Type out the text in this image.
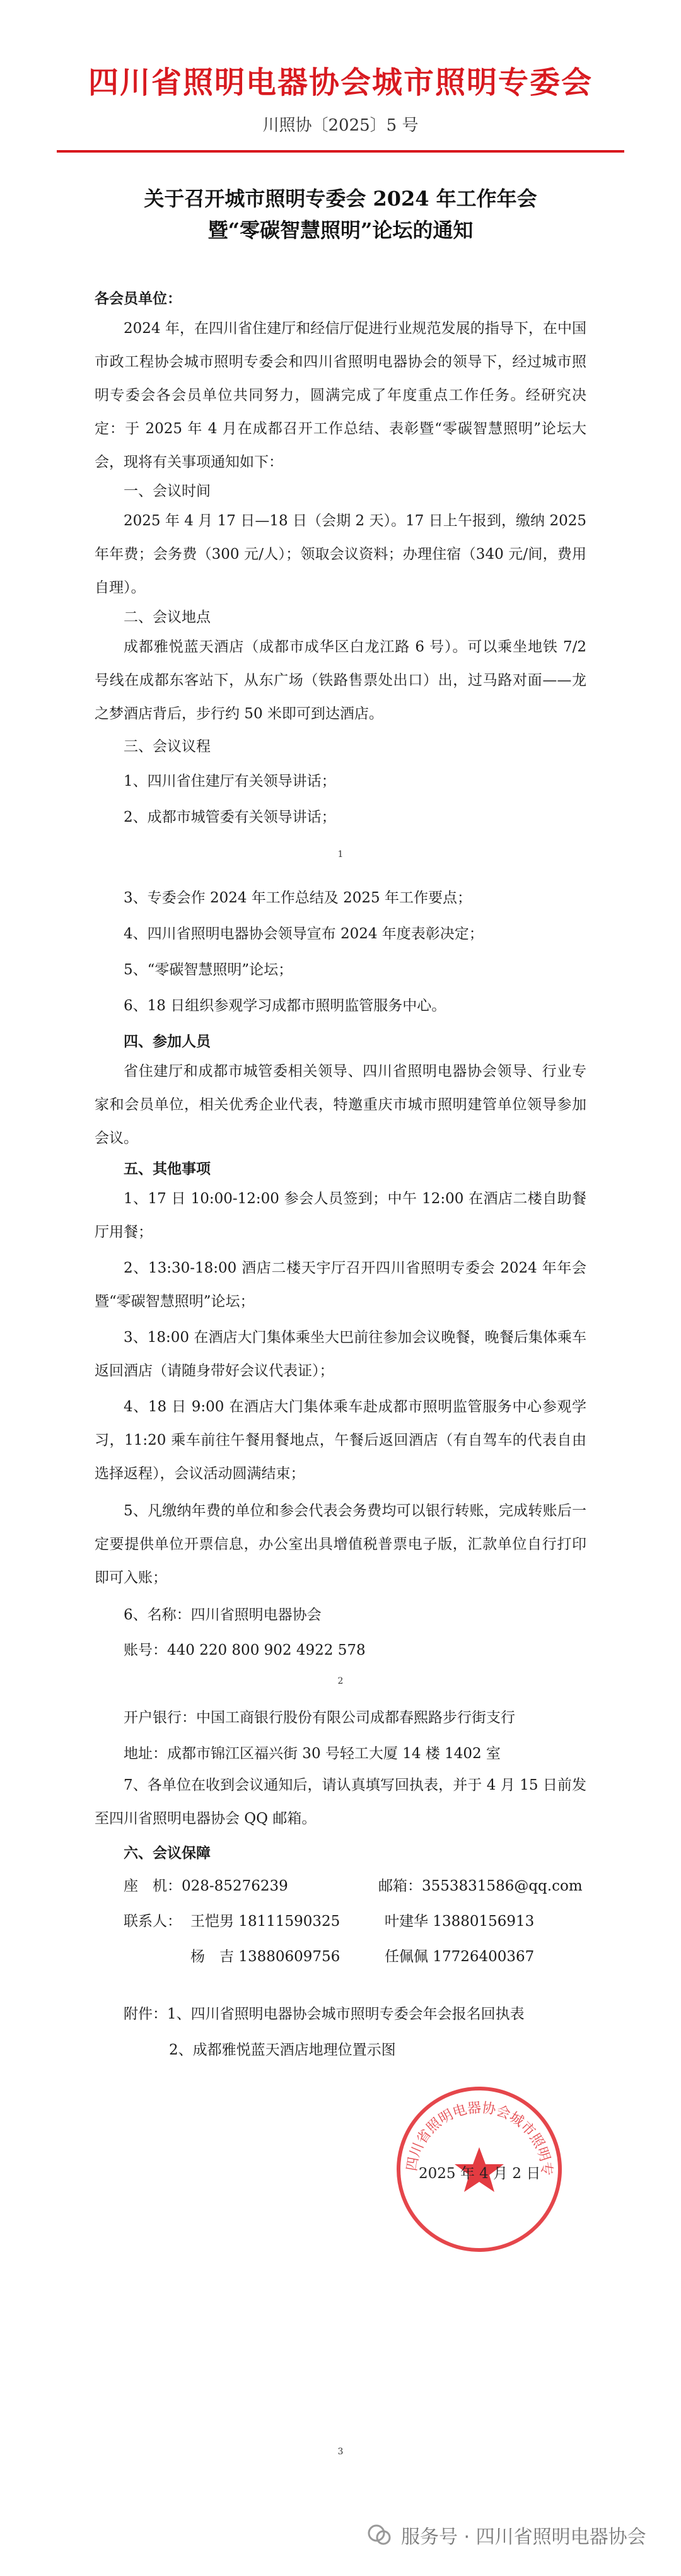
四川省照明电器协会城市照明专委会
川照协〔2025〕5 号
关于召开城市照明专委会 2024 年工作年会
暨“零碳智慧照明”论坛的通知
各会员单位：
2024 年，在四川省住建厅和经信厅促进行业规范发展的指导下，在中国市政工程协会城市照明专委会和四川省照明电器协会的领导下，经过城市照明专委会各会员单位共同努力，圆满完成了年度重点工作任务。经研究决定：于 2025 年 4 月在成都召开工作总结、表彰暨“零碳智慧照明”论坛大会，现将有关事项通知如下：
一、会议时间
2025 年 4 月 17 日—18 日（会期 2 天）。17 日上午报到，缴纳 2025 年年费；会务费（300 元/人）；领取会议资料；办理住宿（340 元/间，费用自理）。
二、会议地点
成都雅悦蓝天酒店（成都市成华区白龙江路 6 号）。可以乘坐地铁 7/2 号线在成都东客站下，从东广场（铁路售票处出口）出，过马路对面——龙之梦酒店背后，步行约 50 米即可到达酒店。
三、会议议程
1、四川省住建厅有关领导讲话；
2、成都市城管委有关领导讲话；
1
3、专委会作 2024 年工作总结及 2025 年工作要点；
4、四川省照明电器协会领导宣布 2024 年度表彰决定；
5、“零碳智慧照明”论坛；
6、18 日组织参观学习成都市照明监管服务中心。
四、参加人员
省住建厅和成都市城管委相关领导、四川省照明电器协会领导、行业专家和会员单位，相关优秀企业代表，特邀重庆市城市照明建管单位领导参加会议。
五、其他事项
1、17 日 10:00-12:00 参会人员签到；中午 12:00 在酒店二楼自助餐厅用餐；
2、13:30-18:00 酒店二楼天宇厅召开四川省照明专委会 2024 年年会暨“零碳智慧照明”论坛；
3、18:00 在酒店大门集体乘坐大巴前往参加会议晚餐，晚餐后集体乘车返回酒店（请随身带好会议代表证）；
4、18 日 9:00 在酒店大门集体乘车赴成都市照明监管服务中心参观学习，11:20 乘车前往午餐用餐地点，午餐后返回酒店（有自驾车的代表自由选择返程），会议活动圆满结束；
5、凡缴纳年费的单位和参会代表会务费均可以银行转账，完成转账后一定要提供单位开票信息，办公室出具增值税普票电子版，汇款单位自行打印即可入账；
6、名称：四川省照明电器协会
账号：440 220 800 902 4922 578
2
开户银行：中国工商银行股份有限公司成都春熙路步行街支行
地址：成都市锦江区福兴街 30 号轻工大厦 14 楼 1402 室
7、各单位在收到会议通知后，请认真填写回执表，并于 4 月 15 日前发至四川省照明电器协会 QQ 邮箱。
六、会议保障
座　机：028-85276239	邮箱：3553831586@qq.com
联系人： 王恺男 18111590325	叶建华 13880156913
杨　吉 13880609756	任佩佩 17726400367
附件：1、四川省照明电器协会城市照明专委会年会报名回执表
2、成都雅悦蓝天酒店地理位置示图
四川省照明电器协会城市照明专
2025 年 4 月 2 日
3
服务号 · 四川省照明电器协会
